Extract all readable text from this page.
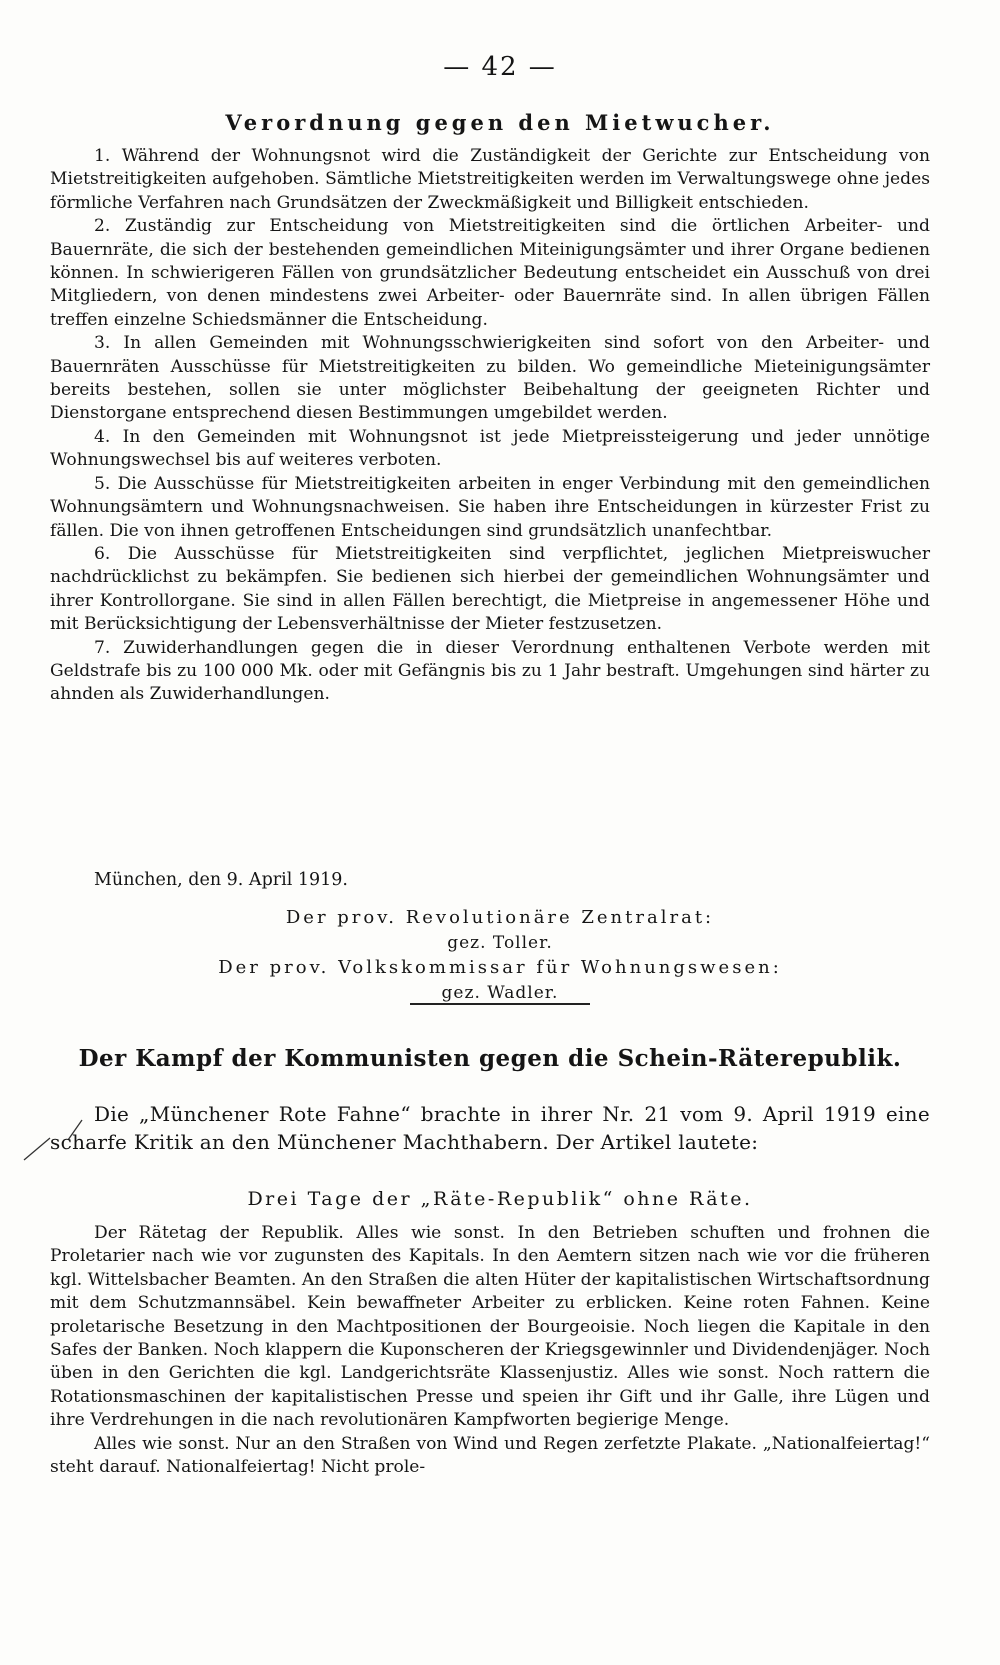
— 42 —
Verordnung gegen den Mietwucher.

1. Während der Wohnungsnot wird die Zuständigkeit der Gerichte zur Entscheidung von Mietstreitigkeiten aufgehoben. Sämtliche Mietstreitigkeiten werden im Verwaltungswege ohne jedes förmliche Verfahren nach Grundsätzen der Zweckmäßigkeit und Billigkeit entschieden.

2. Zuständig zur Entscheidung von Mietstreitigkeiten sind die örtlichen Arbeiter- und Bauernräte, die sich der bestehenden gemeindlichen Miteinigungsämter und ihrer Organe bedienen können. In schwierigeren Fällen von grundsätzlicher Bedeutung entscheidet ein Ausschuß von drei Mitgliedern, von denen mindestens zwei Arbeiter- oder Bauernräte sind. In allen übrigen Fällen treffen einzelne Schiedsmänner die Entscheidung.

3. In allen Gemeinden mit Wohnungsschwierigkeiten sind sofort von den Arbeiter- und Bauernräten Ausschüsse für Mietstreitigkeiten zu bilden. Wo gemeindliche Mieteinigungsämter bereits bestehen, sollen sie unter möglichster Beibehaltung der geeigneten Richter und Dienstorgane entsprechend diesen Bestimmungen umgebildet werden.

4. In den Gemeinden mit Wohnungsnot ist jede Mietpreissteigerung und jeder unnötige Wohnungswechsel bis auf weiteres verboten.

5. Die Ausschüsse für Mietstreitigkeiten arbeiten in enger Verbindung mit den gemeindlichen Wohnungsämtern und Wohnungsnachweisen. Sie haben ihre Entscheidungen in kürzester Frist zu fällen. Die von ihnen getroffenen Entscheidungen sind grundsätzlich unanfechtbar.

6. Die Ausschüsse für Mietstreitigkeiten sind verpflichtet, jeglichen Mietpreiswucher nachdrücklichst zu bekämpfen. Sie bedienen sich hierbei der gemeindlichen Wohnungsämter und ihrer Kontrollorgane. Sie sind in allen Fällen berechtigt, die Mietpreise in angemessener Höhe und mit Berücksichtigung der Lebensverhältnisse der Mieter festzusetzen.

7. Zuwiderhandlungen gegen die in dieser Verordnung enthaltenen Verbote werden mit Geldstrafe bis zu 100 000 Mk. oder mit Gefängnis bis zu 1 Jahr bestraft. Umgehungen sind härter zu ahnden als Zuwiderhandlungen.

München, den 9. April 1919.
Der prov. Revolutionäre Zentralrat:
gez. Toller.
Der prov. Volkskommissar für Wohnungswesen:
gez. Wadler.
Der Kampf der Kommunisten gegen die Schein-Räterepublik.

Die „Münchener Rote Fahne“ brachte in ihrer Nr. 21 vom 9. April 1919 eine scharfe Kritik an den Münchener Machthabern. Der Artikel lautete:

Drei Tage der „Räte-Republik“ ohne Räte.

Der Rätetag der Republik. Alles wie sonst. In den Betrieben schuften und frohnen die Proletarier nach wie vor zugunsten des Kapitals. In den Aemtern sitzen nach wie vor die früheren kgl. Wittelsbacher Beamten. An den Straßen die alten Hüter der kapitalistischen Wirtschaftsordnung mit dem Schutzmannsäbel. Kein bewaffneter Arbeiter zu erblicken. Keine roten Fahnen. Keine proletarische Besetzung in den Machtpositionen der Bourgeoisie. Noch liegen die Kapitale in den Safes der Banken. Noch klappern die Kuponscheren der Kriegsgewinnler und Dividendenjäger. Noch üben in den Gerichten die kgl. Landgerichtsräte Klassenjustiz. Alles wie sonst. Noch rattern die Rotationsmaschinen der kapitalistischen Presse und speien ihr Gift und ihr Galle, ihre Lügen und ihre Verdrehungen in die nach revolutionären Kampfworten begierige Menge.

Alles wie sonst. Nur an den Straßen von Wind und Regen zerfetzte Plakate. „Nationalfeiertag!“ steht darauf. Nationalfeiertag! Nicht prole-
